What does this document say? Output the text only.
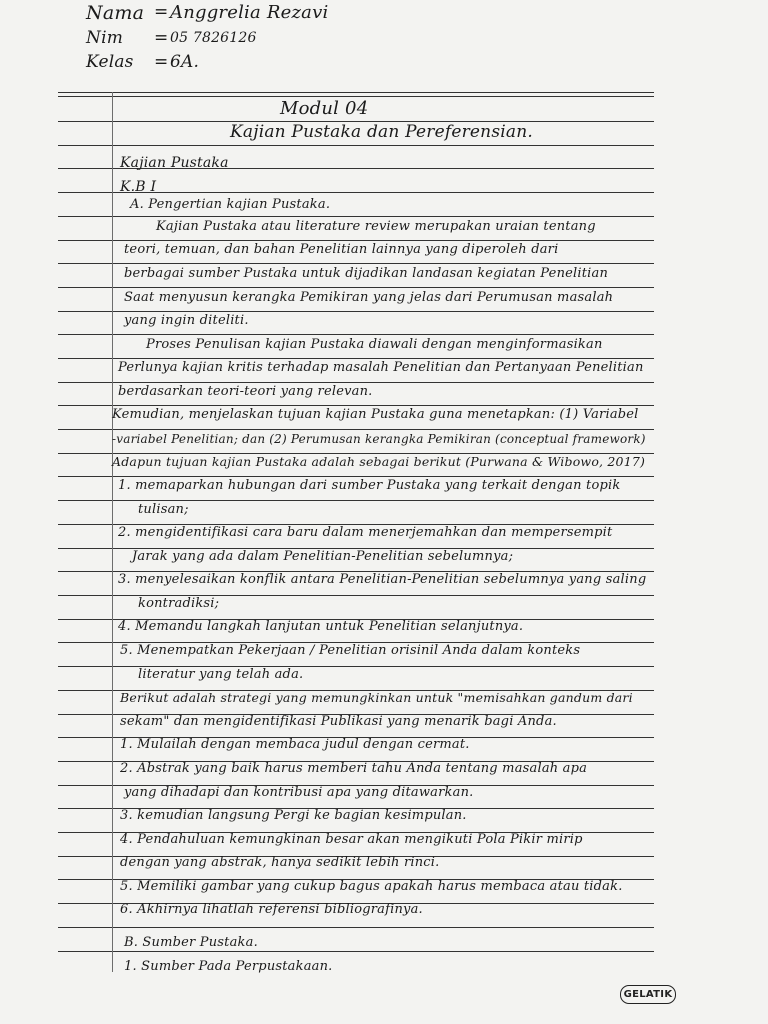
Nama = Anggrelia Rezavi
Nim	= 05 7826126
Kelas	= 6A.
Modul 04
Kajian Pustaka dan Pereferensian.
Kajian Pustaka
K.B I
A. Pengertian kajian Pustaka.
Kajian Pustaka atau literature review merupakan uraian tentang
teori, temuan, dan bahan Penelitian lainnya yang diperoleh dari
berbagai sumber Pustaka untuk dijadikan landasan kegiatan Penelitian
Saat menyusun kerangka Pemikiran yang jelas dari Perumusan masalah
yang ingin diteliti.
Proses Penulisan kajian Pustaka diawali dengan menginformasikan
Perlunya kajian kritis terhadap masalah Penelitian dan Pertanyaan Penelitian
berdasarkan teori-teori yang relevan.
Kemudian, menjelaskan tujuan kajian Pustaka guna menetapkan: (1) Variabel
-variabel Penelitian; dan (2) Perumusan kerangka Pemikiran (conceptual framework)
Adapun tujuan kajian Pustaka adalah sebagai berikut (Purwana & Wibowo, 2017)
1. memaparkan hubungan dari sumber Pustaka yang terkait dengan topik
tulisan;
2. mengidentifikasi cara baru dalam menerjemahkan dan mempersempit
Jarak yang ada dalam Penelitian-Penelitian sebelumnya;
3. menyelesaikan konflik antara Penelitian-Penelitian sebelumnya yang saling
kontradiksi;
4. Memandu langkah lanjutan untuk Penelitian selanjutnya.
5. Menempatkan Pekerjaan / Penelitian orisinil Anda dalam konteks
literatur yang telah ada.
Berikut adalah strategi yang memungkinkan untuk "memisahkan gandum dari
sekam" dan mengidentifikasi Publikasi yang menarik bagi Anda.
1. Mulailah dengan membaca judul dengan cermat.
2. Abstrak yang baik harus memberi tahu Anda tentang masalah apa
yang dihadapi dan kontribusi apa yang ditawarkan.
3. kemudian langsung Pergi ke bagian kesimpulan.
4. Pendahuluan kemungkinan besar akan mengikuti Pola Pikir mirip
dengan yang abstrak, hanya sedikit lebih rinci.
5. Memiliki gambar yang cukup bagus apakah harus membaca atau tidak.
6. Akhirnya lihatlah referensi bibliografinya.
B. Sumber Pustaka.
1. Sumber Pada Perpustakaan.
GELATIK
